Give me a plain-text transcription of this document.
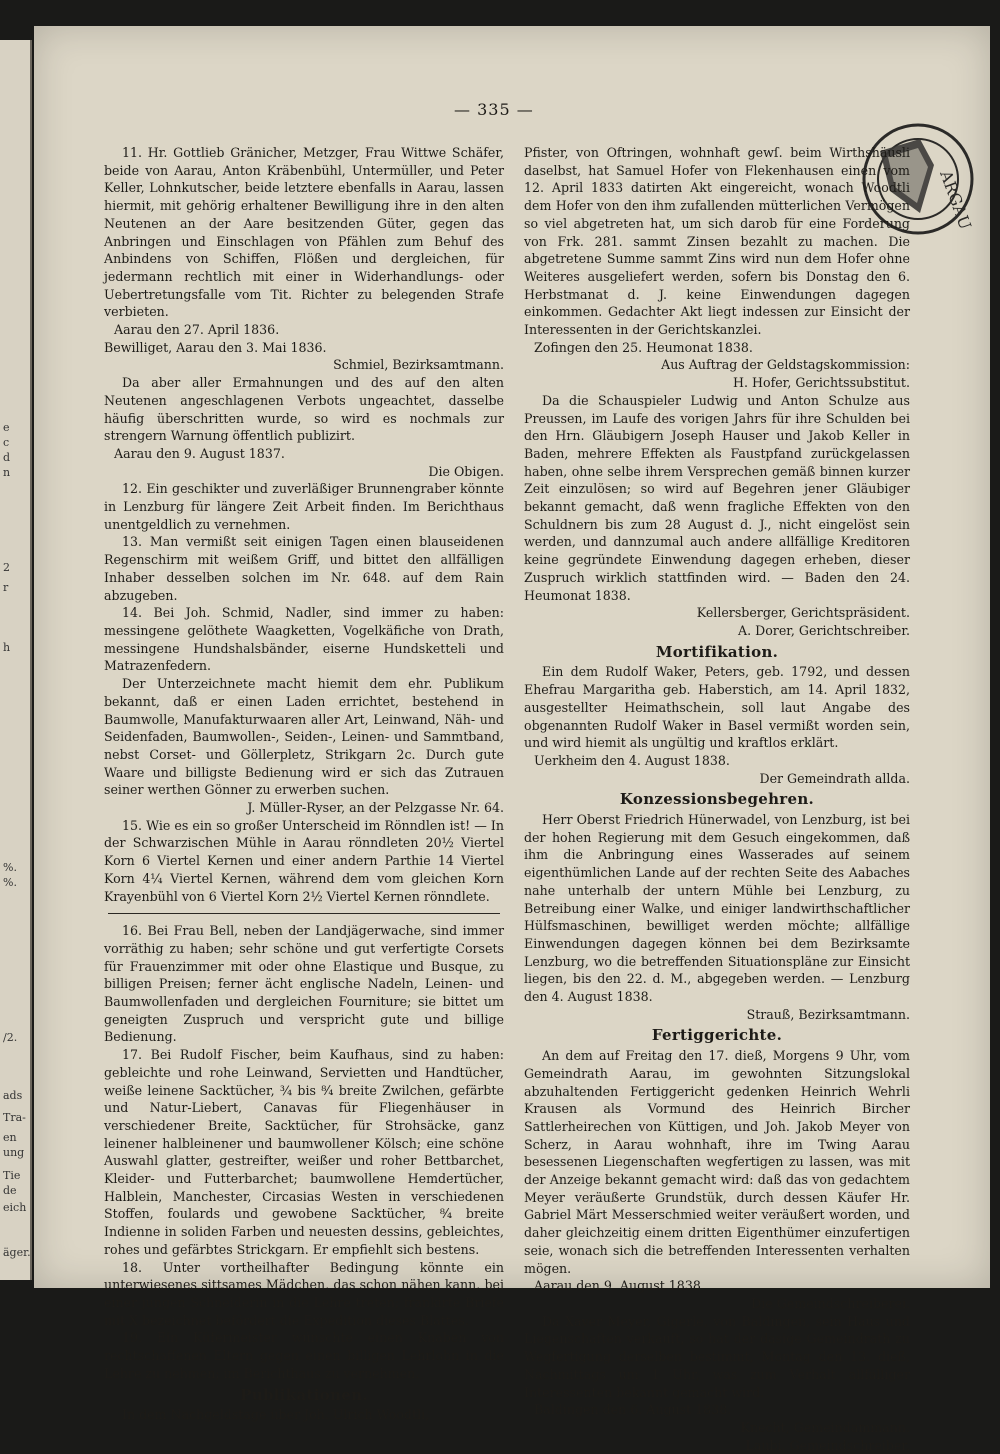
e
c
d
n
%.
%.
2
r
h
/2.
ads
Tra-
en
ung
Tie
de
eich
äger.
— 335 —
ARGAU

11. Hr. Gottlieb Gränicher, Metzger, Frau Wittwe Schäfer, beide von Aarau, Anton Kräbenbühl, Untermüller, und Peter Keller, Lohnkutscher, beide letztere ebenfalls in Aarau, lassen hiermit, mit gehörig erhaltener Bewilligung ihre in den alten Neutenen an der Aare besitzenden Güter, gegen das Anbringen und Einschlagen von Pfählen zum Behuf des Anbindens von Schiffen, Flößen und dergleichen, für jedermann rechtlich mit einer in Widerhandlungs- oder Uebertretungsfalle vom Tit. Richter zu belegenden Strafe verbieten.

Aarau den 27. April 1836.

Bewilliget, Aarau den 3. Mai 1836.

Schmiel, Bezirksamtmann.

Da aber aller Ermahnungen und des auf den alten Neutenen angeschlagenen Verbots ungeachtet, dasselbe häufig überschritten wurde, so wird es nochmals zur strengern Warnung öffentlich publizirt.

Aarau den 9. August 1837.

Die Obigen.

12. Ein geschikter und zuverläßiger Brunnengraber könnte in Lenzburg für längere Zeit Arbeit finden. Im Berichthaus unentgeldlich zu vernehmen.

13. Man vermißt seit einigen Tagen einen blauseidenen Regenschirm mit weißem Griff, und bittet den allfälligen Inhaber desselben solchen im Nr. 648. auf dem Rain abzugeben.

14. Bei Joh. Schmid, Nadler, sind immer zu haben: messingene gelöthete Waagketten, Vogelkäfiche von Drath, messingene Hundshalsbänder, eiserne Hundsketteli und Matrazenfedern.

Der Unterzeichnete macht hiemit dem ehr. Publikum bekannt, daß er einen Laden errichtet, bestehend in Baumwolle, Manufakturwaaren aller Art, Leinwand, Näh- und Seidenfaden, Baumwollen-, Seiden-, Leinen- und Sammtband, nebst Corset- und Göllerpletz, Strikgarn 2c. Durch gute Waare und billigste Bedienung wird er sich das Zutrauen seiner werthen Gönner zu erwerben suchen.

J. Müller-Ryser, an der Pelzgasse Nr. 64.

15. Wie es ein so großer Unterscheid im Rönndlen ist! — In der Schwarzischen Mühle in Aarau rönndleten 20½ Viertel Korn 6 Viertel Kernen und einer andern Parthie 14 Viertel Korn 4¼ Viertel Kernen, während dem vom gleichen Korn Krayenbühl von 6 Viertel Korn 2½ Viertel Kernen rönndlete.

16. Bei Frau Bell, neben der Landjägerwache, sind immer vorräthig zu haben; sehr schöne und gut verfertigte Corsets für Frauenzimmer mit oder ohne Elastique und Busque, zu billigen Preisen; ferner ächt englische Nadeln, Leinen- und Baumwollenfaden und dergleichen Fourniture; sie bittet um geneigten Zuspruch und verspricht gute und billige Bedienung.

17. Bei Rudolf Fischer, beim Kaufhaus, sind zu haben: gebleichte und rohe Leinwand, Servietten und Handtücher, weiße leinene Sacktücher, ¾ bis ⁸⁄₄ breite Zwilchen, gefärbte und Natur-Liebert, Canavas für Fliegenhäuser in verschiedener Breite, Sacktücher, für Strohsäcke, ganz leinener halbleinener und baumwollener Kölsch; eine schöne Auswahl glatter, gestreifter, weißer und roher Bettbarchet, Kleider- und Futterbarchet; baumwollene Hemdertücher, Halblein, Manchester, Circasias Westen in verschiedenen Stoffen, foulards und gewobene Sacktücher, ⁸⁄₄ breite Indienne in soliden Farben und neuesten dessins, gebleichtes, rohes und gefärbtes Strickgarn. Er empfiehlt sich bestens.

18. Unter vortheilhafter Bedingung könnte ein unterwiesenes sittsames Mädchen, das schon nähen kann, bei einer jungen Schneiderin in die Lehre treten; frankirte Briefe mit X bezeichnet befördert die Expedition dieses Blattes.

19. Ein Küfermeister wünschte einen Knaben von rechtschaffenen Eltern gegen einen billigen Lehrlohn in die Lehre zu nehmen; im Berichthaus zu vernehmen.

Publikationen.

In dem Nachgeldstage über Joh. Ulrich Woodtli,

Pfister, von Oftringen, wohnhaft gewſ. beim Wirthshäusli daselbst, hat Samuel Hofer von Flekenhausen einen vom 12. April 1833 datirten Akt eingereicht, wonach Woodtli dem Hofer von den ihm zufallenden mütterlichen Vermögen so viel abgetreten hat, um sich darob für eine Forderung von Frk. 281. sammt Zinsen bezahlt zu machen. Die abgetretene Summe sammt Zins wird nun dem Hofer ohne Weiteres ausgeliefert werden, sofern bis Donstag den 6. Herbstmanat d. J. keine Einwendungen dagegen einkommen. Gedachter Akt liegt indessen zur Einsicht der Interessenten in der Gerichtskanzlei.

Zofingen den 25. Heumonat 1838.

Aus Auftrag der Geldstagskommission:

H. Hofer, Gerichtssubstitut.

Da die Schauspieler Ludwig und Anton Schulze aus Preussen, im Laufe des vorigen Jahrs für ihre Schulden bei den Hrn. Gläubigern Joseph Hauser und Jakob Keller in Baden, mehrere Effekten als Faustpfand zurückgelassen haben, ohne selbe ihrem Versprechen gemäß binnen kurzer Zeit einzulösen; so wird auf Begehren jener Gläubiger bekannt gemacht, daß wenn fragliche Effekten von den Schuldnern bis zum 28 August d. J., nicht eingelöst sein werden, und dannzumal auch andere allfällige Kreditoren keine gegründete Einwendung dagegen erheben, dieser Zuspruch wirklich stattfinden wird. — Baden den 24. Heumonat 1838.

Kellersberger, Gerichtspräsident.

A. Dorer, Gerichtschreiber.

Mortifikation.

Ein dem Rudolf Waker, Peters, geb. 1792, und dessen Ehefrau Margaritha geb. Haberstich, am 14. April 1832, ausgestellter Heimathschein, soll laut Angabe des obgenannten Rudolf Waker in Basel vermißt worden sein, und wird hiemit als ungültig und kraftlos erklärt.

Uerkheim den 4. August 1838.

Der Gemeindrath allda.

Konzessionsbegehren.

Herr Oberst Friedrich Hünerwadel, von Lenzburg, ist bei der hohen Regierung mit dem Gesuch eingekommen, daß ihm die Anbringung eines Wasserades auf seinem eigenthümlichen Lande auf der rechten Seite des Aabaches nahe unterhalb der untern Mühle bei Lenzburg, zu Betreibung einer Walke, und einiger landwirthschaftlicher Hülfsmaschinen, bewilliget werden möchte; allfällige Einwendungen dagegen können bei dem Bezirksamte Lenzburg, wo die betreffenden Situationspläne zur Einsicht liegen, bis den 22. d. M., abgegeben werden. — Lenzburg den 4. August 1838.

Strauß, Bezirksamtmann.

Fertiggerichte.

An dem auf Freitag den 17. dieß, Morgens 9 Uhr, vom Gemeindrath Aarau, im gewohnten Sitzungslokal abzuhaltenden Fertiggericht gedenken Heinrich Wehrli Krausen als Vormund des Heinrich Bircher Sattlerheirechen von Küttigen, und Joh. Jakob Meyer von Scherz, in Aarau wohnhaft, ihre im Twing Aarau besessenen Liegenschaften wegfertigen zu lassen, was mit der Anzeige bekannt gemacht wird: daß das von gedachtem Meyer veräußerte Grundstük, durch dessen Käufer Hr. Gabriel Märt Messerschmied weiter veräußert worden, und daher gleichzeitig einem dritten Eigenthümer einzufertigen seie, wonach sich die betreffenden Interessenten verhalten mögen.

Aarau den 9. August 1838.

Die Gemeindschreiberei.

Da Xaver Meyer, Gigerle, von Baldingen, sein Haus und Liegenschaften verkauft, so hat der dasige Gemeindrath zu Wegfertigung derselben bestimmt, Montag den 13. dieß, Nachmittags um 1 Uhr, was zum Verhalt allfälliger Interessenten bekannt gemacht wird.

Baldingen den 6. August 1838.

Knecht, Gemeindammann.

Laubi, Gemeindschreiber.
